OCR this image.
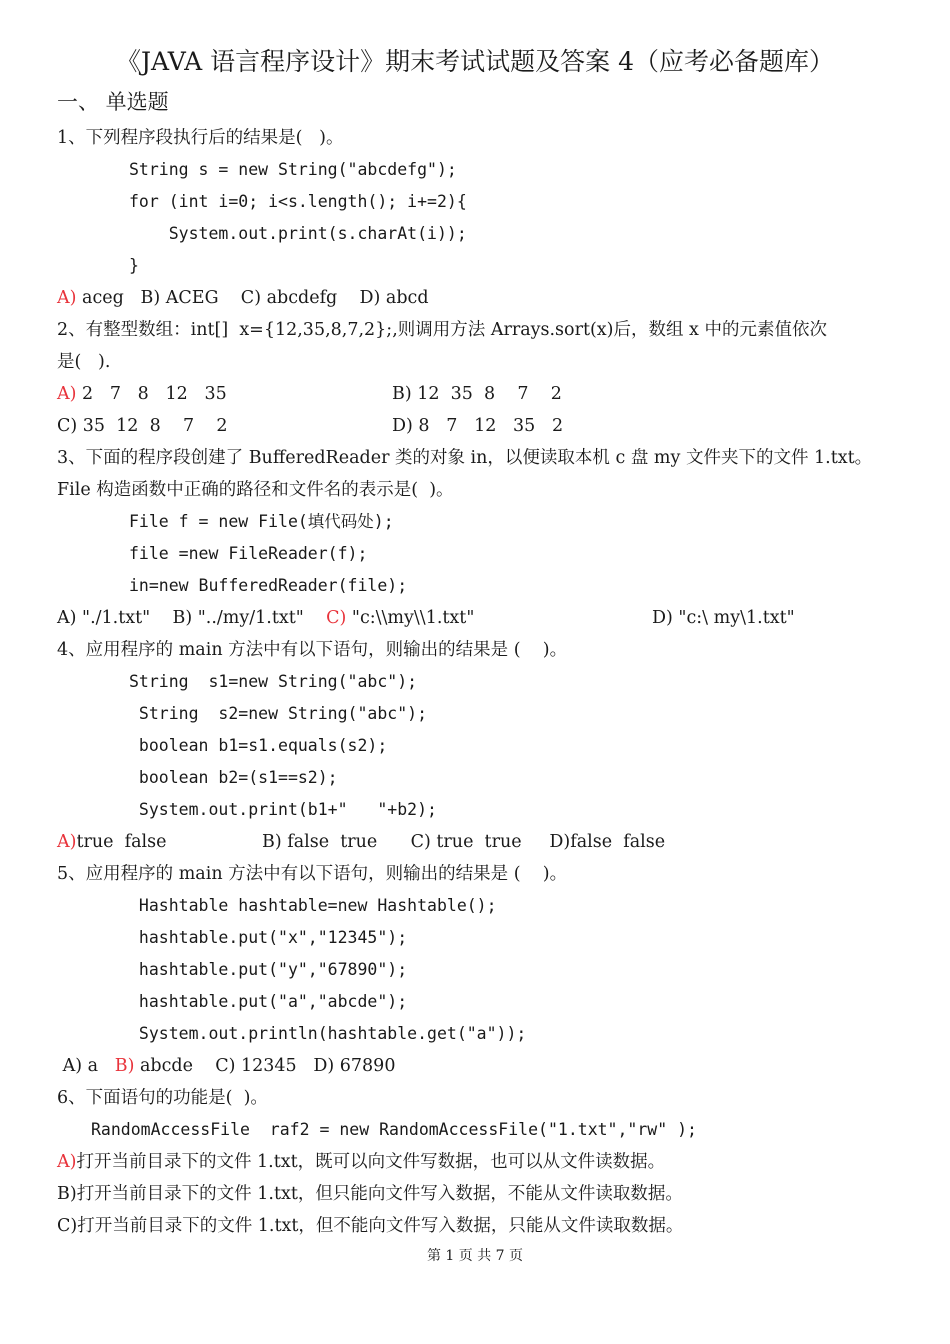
《JAVA 语言程序设计》期末考试试题及答案 4（应考必备题库）
一、 单选题
1、下列程序段执行后的结果是(   )。
String s = new String("abcdefg");
for (int i=0; i<s.length(); i+=2){
System.out.print(s.charAt(i));
}
A) aceg   B) ACEG    C) abcdefg    D) abcd
2、有整型数组：int[]  x={12,35,8,7,2};,则调用方法 Arrays.sort(x)后，数组 x 中的元素值依次
是(   ).
A) 2   7   8   12   35	B) 12  35  8    7    2
C) 35  12  8    7    2	D) 8   7   12   35   2
3、下面的程序段创建了 BufferedReader 类的对象 in，以便读取本机 c 盘 my 文件夹下的文件 1.txt。
File 构造函数中正确的路径和文件名的表示是(  )。
File f = new File(填代码处);
file =new FileReader(f);
in=new BufferedReader(file);
A) "./1.txt"    B) "../my/1.txt"    C) "c:\\my\\1.txt"	D) "c:\ my\1.txt"
4、应用程序的 main 方法中有以下语句，则输出的结果是 (    )。
String  s1=new String("abc");
String  s2=new String("abc");
boolean b1=s1.equals(s2);
boolean b2=(s1==s2);
System.out.print(b1+"   "+b2);
A)true  false	B) false  true      C) true  true     D)false  false
5、应用程序的 main 方法中有以下语句，则输出的结果是 (    )。
Hashtable hashtable=new Hashtable();
hashtable.put("x","12345");
hashtable.put("y","67890");
hashtable.put("a","abcde");
System.out.println(hashtable.get("a"));
A) a   B) abcde    C) 12345   D) 67890
6、下面语句的功能是(  )。
RandomAccessFile  raf2 = new RandomAccessFile("1.txt","rw" );
A)打开当前目录下的文件 1.txt，既可以向文件写数据，也可以从文件读数据。
B)打开当前目录下的文件 1.txt，但只能向文件写入数据，不能从文件读取数据。
C)打开当前目录下的文件 1.txt，但不能向文件写入数据，只能从文件读取数据。
第 1 页 共 7 页
